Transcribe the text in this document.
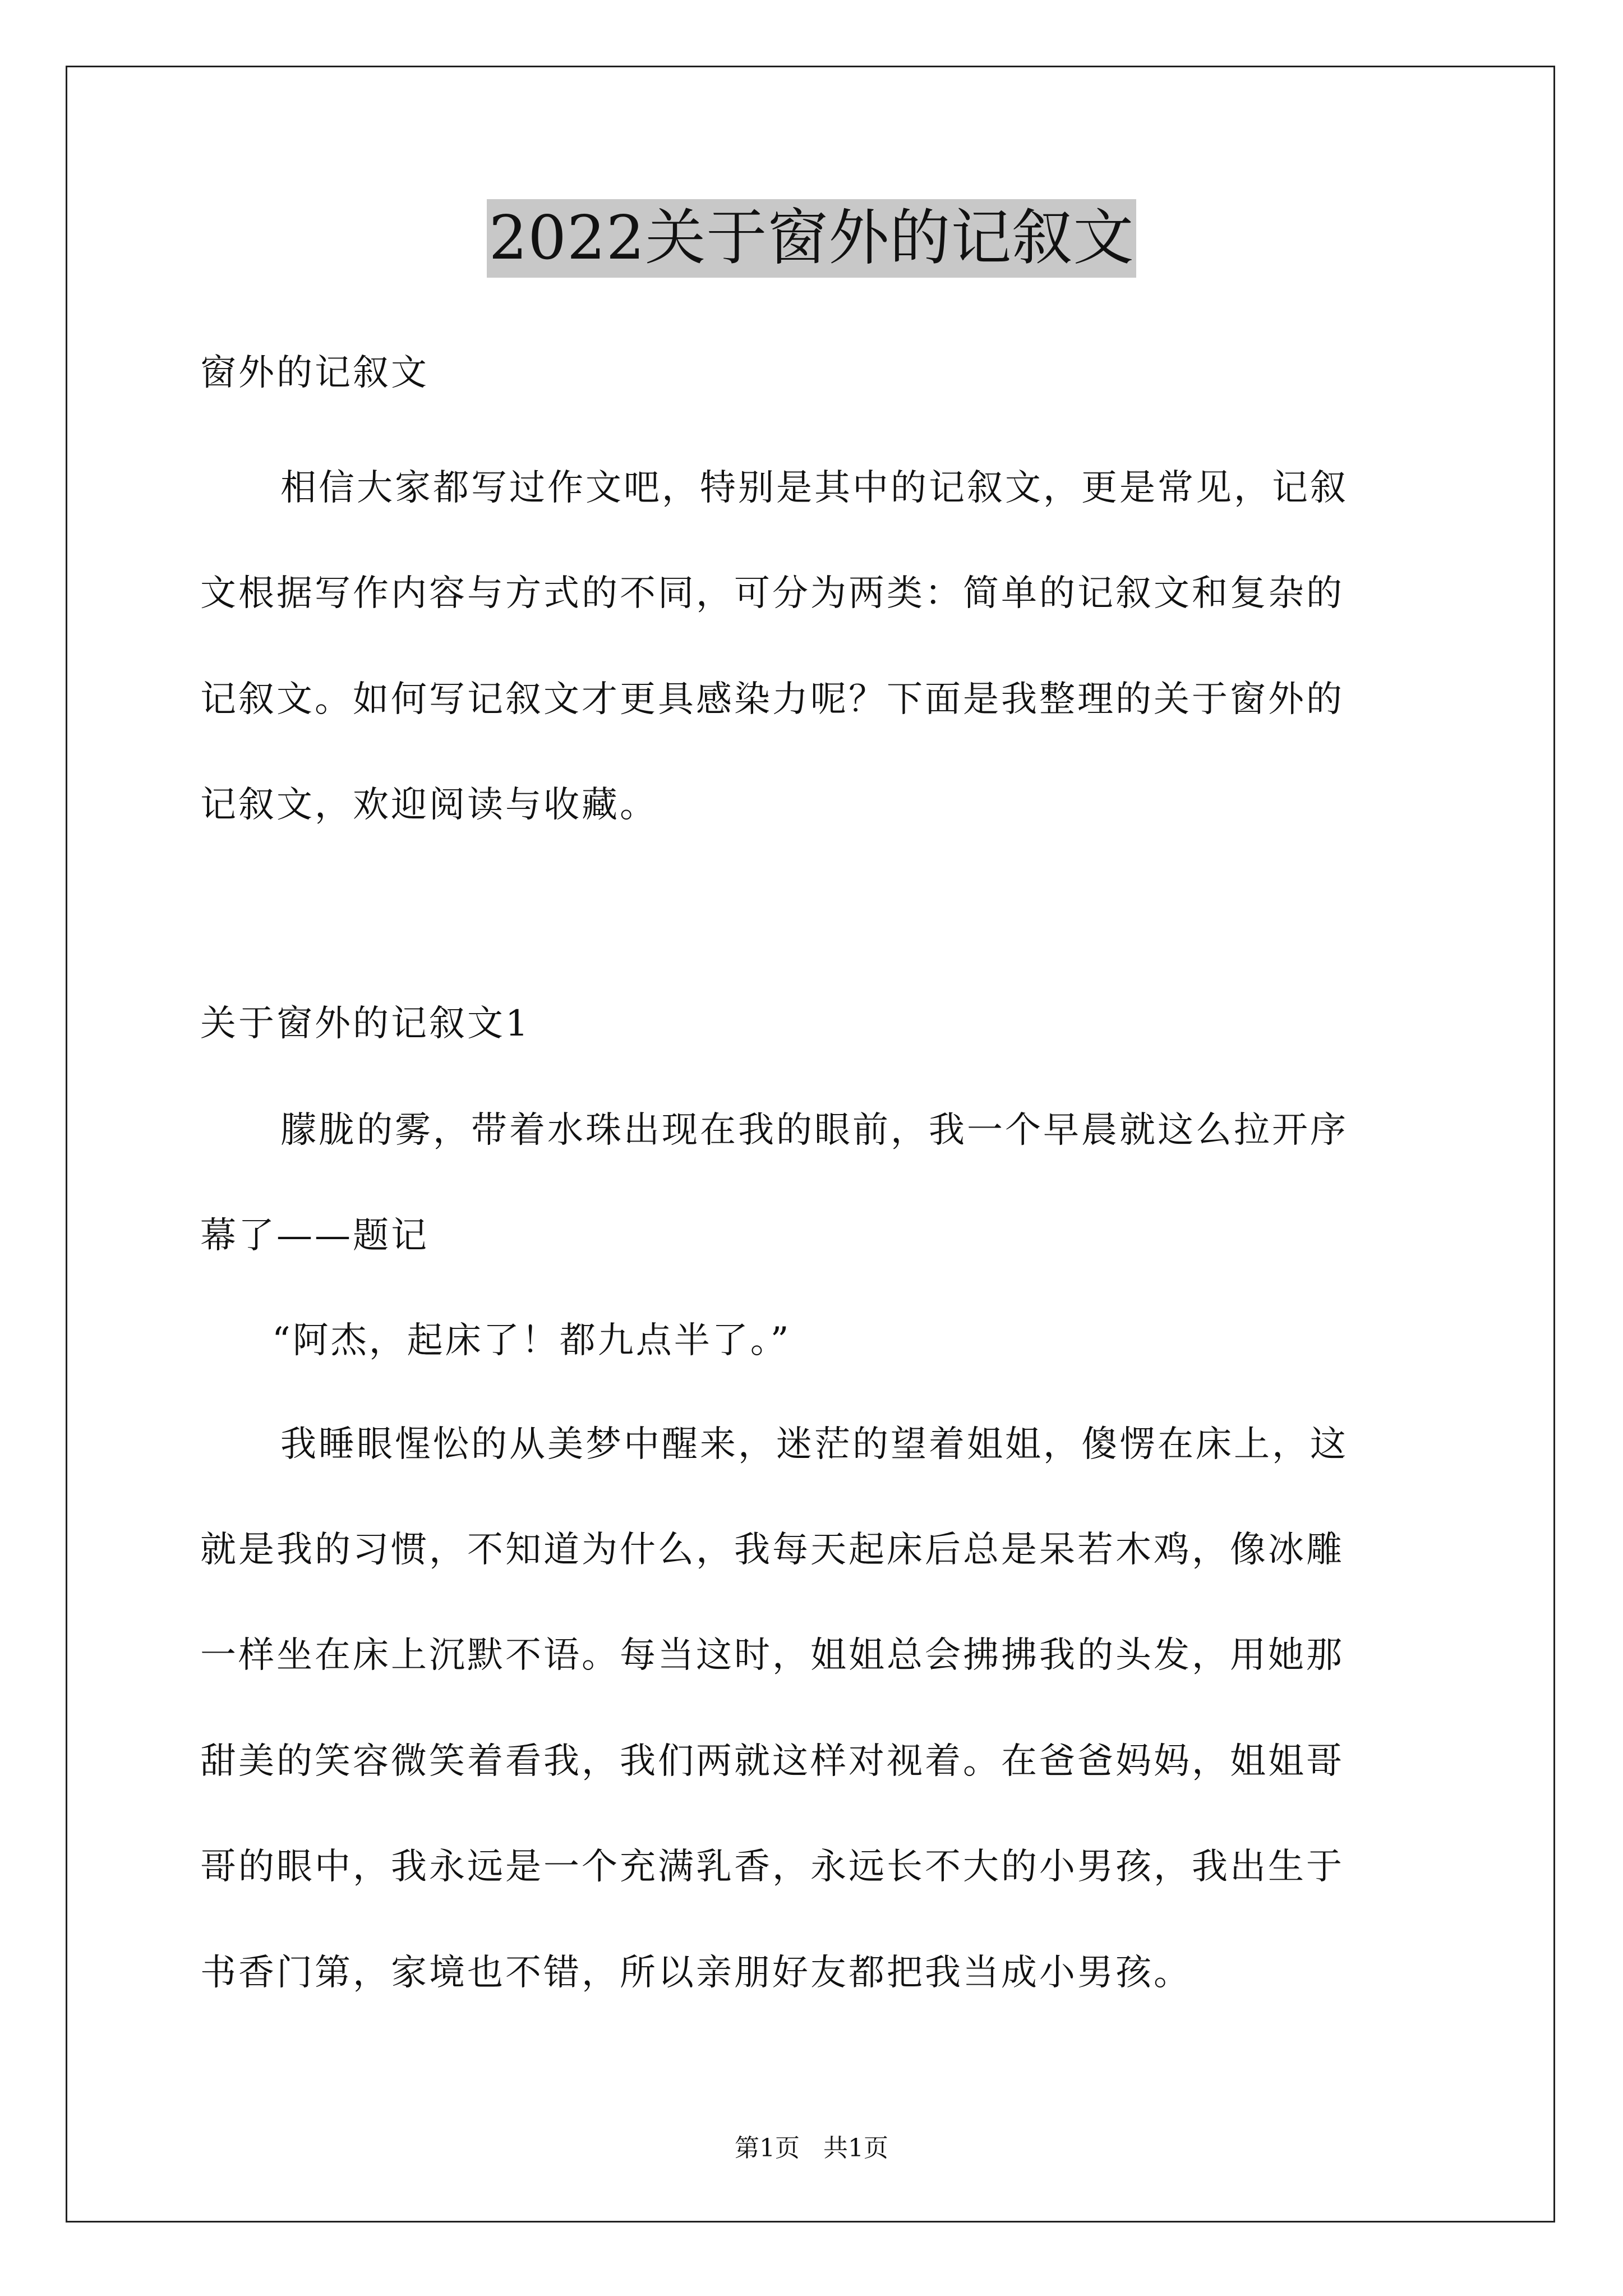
2022关于窗外的记叙文
窗外的记叙文
相信大家都写过作文吧，特别是其中的记叙文，更是常见，记叙
文根据写作内容与方式的不同，可分为两类：简单的记叙文和复杂的
记叙文。如何写记叙文才更具感染力呢？下面是我整理的关于窗外的
记叙文，欢迎阅读与收藏。
关于窗外的记叙文1
朦胧的雾，带着水珠出现在我的眼前，我一个早晨就这么拉开序
幕了——题记
“阿杰，起床了！都九点半了。”
我睡眼惺忪的从美梦中醒来，迷茫的望着姐姐，傻愣在床上，这
就是我的习惯，不知道为什么，我每天起床后总是呆若木鸡，像冰雕
一样坐在床上沉默不语。每当这时，姐姐总会拂拂我的头发，用她那
甜美的笑容微笑着看我，我们两就这样对视着。在爸爸妈妈，姐姐哥
哥的眼中，我永远是一个充满乳香，永远长不大的小男孩，我出生于
书香门第，家境也不错，所以亲朋好友都把我当成小男孩。
第1页 共1页
